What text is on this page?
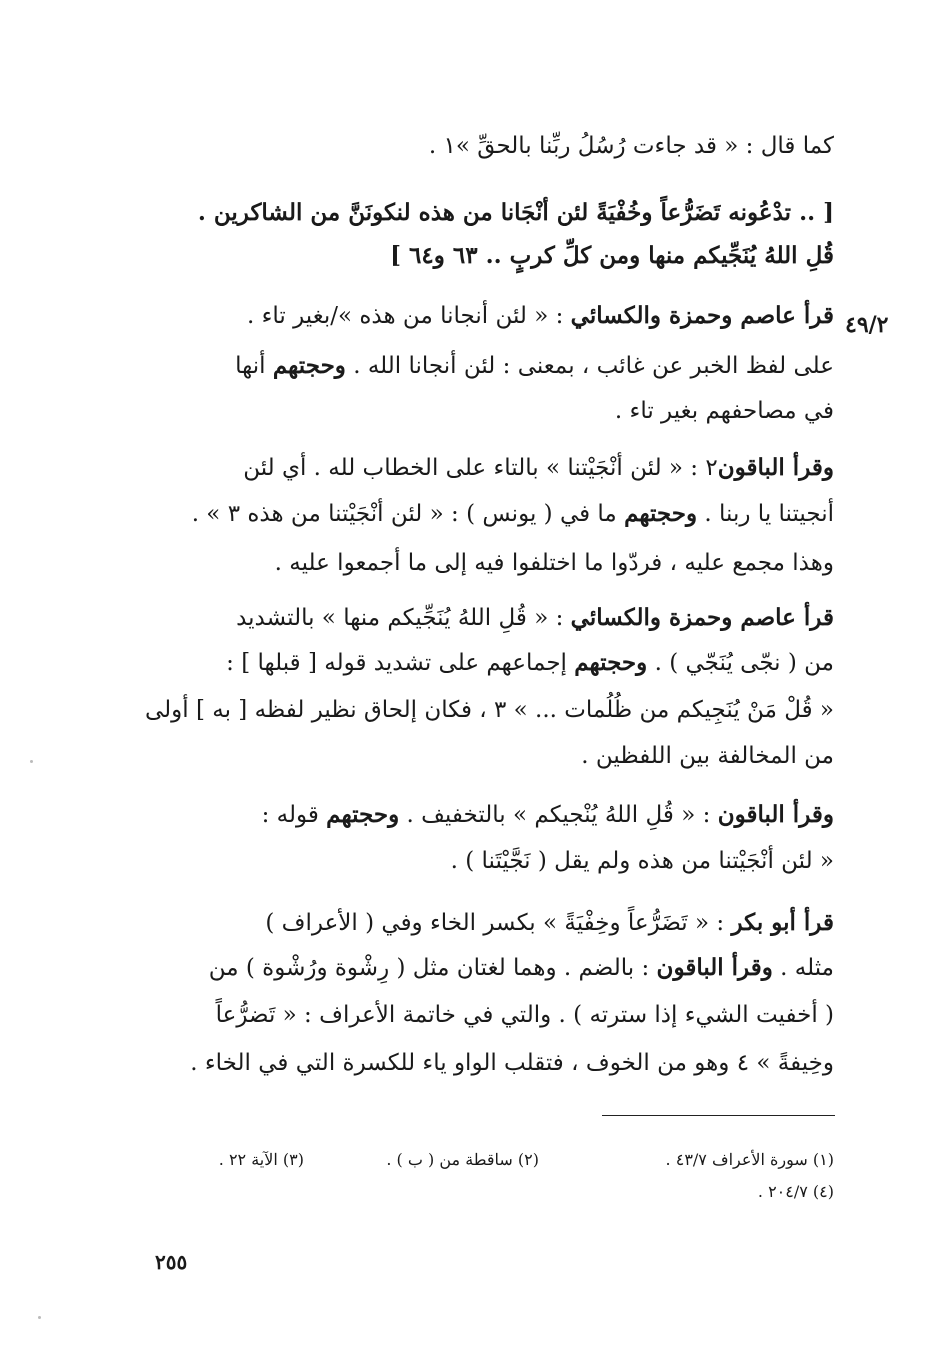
كما قال : « قد جاءت رُسُلُ ربِّنا بالحقِّ »١ .
[ .. تدْعُونه تَضَرُّعاً وخُفْيَةً لئن أنْجَانا من هذه لنكونَنَّ من الشاكرين .
قُلِ اللهُ يُنَجِّيكم منها ومن كلِّ كربٍ .. ٦٣ و٦٤ ]
٤٩/٢
قرأ عاصم وحمزة والكسائي : « لئن أنجانا من هذه »/بغير تاء .
على لفظ الخبر عن غائب ، بمعنى : لئن أنجانا الله . وحجتهم أنها
في مصاحفهم بغير تاء .
وقرأ الباقون٢ : « لئن أنْجَيْتنا » بالتاء على الخطاب لله . أي لئن
أنجيتنا يا ربنا . وحجتهم ما في ( يونس ) : « لئن أنْجَيْتنا من هذه ٣ » .
وهذا مجمع عليه ، فردّوا ما اختلفوا فيه إلى ما أجمعوا عليه .
قرأ عاصم وحمزة والكسائي : « قُلِ اللهُ يُنَجِّيكم منها » بالتشديد
من ( نجّى يُنَجّي ) . وحجتهم إجماعهم على تشديد قوله [ قبلها ] :
« قُلْ مَنْ يُنَجِيكم من ظُلُمات ... » ٣ ، فكان إلحاق نظير لفظه [ به ] أولى
من المخالفة بين اللفظين .
وقرأ الباقون : « قُلِ اللهُ يُنْجيكم » بالتخفيف . وحجتهم قوله :
« لئن أنْجَيْتنا من هذه ولم يقل ( نَجَّيْتَنا ) .
قرأ أبو بكر : « تَضَرُّعاً وخِفْيَةً » بكسر الخاء وفي ( الأعراف )
مثله . وقرأ الباقون : بالضم . وهما لغتان مثل ( رِشْوة ورُشْوة ) من
( أخفيت الشيء إذا سترته ) . والتي في خاتمة الأعراف : « تَضرُّعاً
وخِيفةً » ٤ وهو من الخوف ، فتقلب الواو ياء للكسرة التي في الخاء .
(١) سورة الأعراف ٤٣/٧ .
(٢) ساقطة من ( ب ) .
(٣) الآية ٢٢ .
(٤) ٢٠٤/٧ .
٢٥٥
